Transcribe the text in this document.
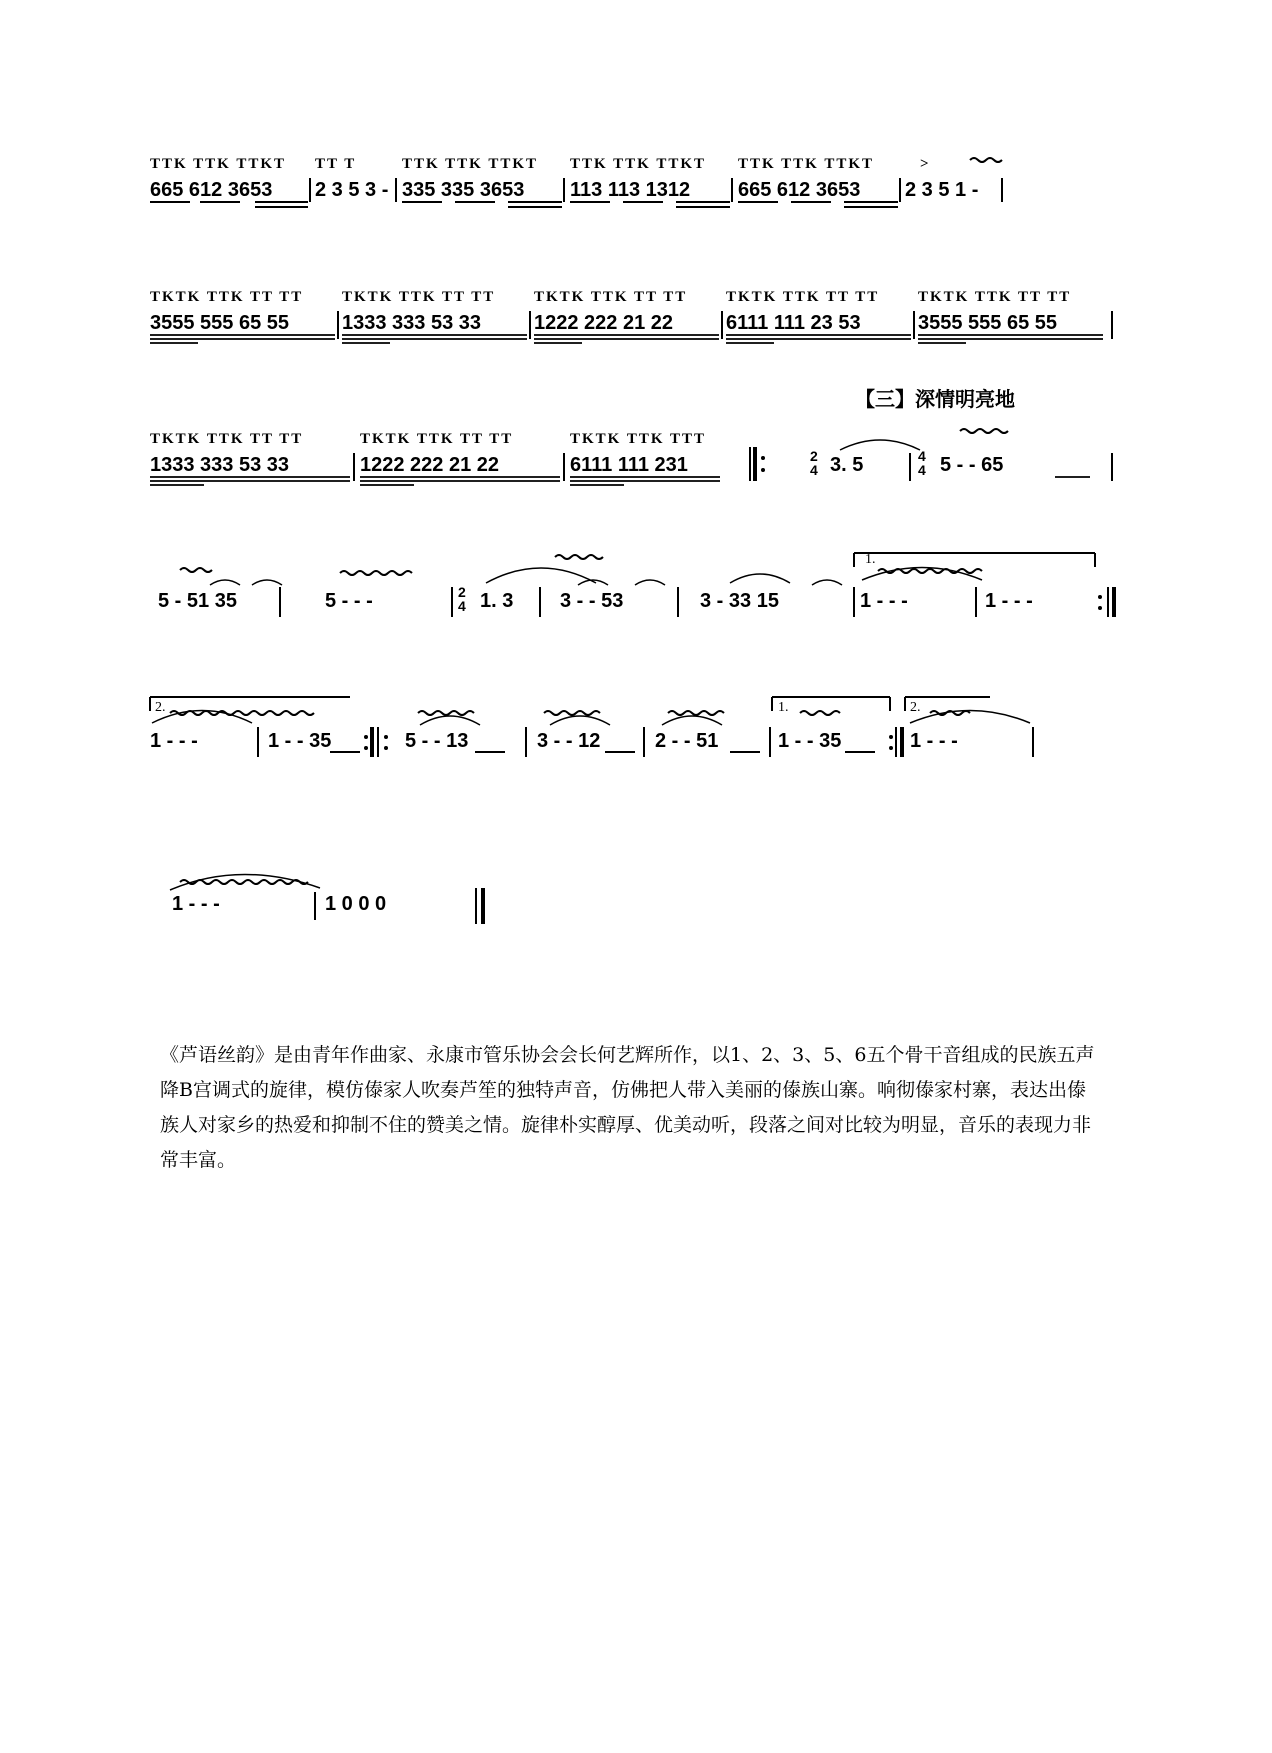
TTK TTK TTKT TT T	TTK TTK TTKT TTK TTK TTKT TTK TTK TTKT	>
665 612 3653 2 3 5 3 - 335 335 3653 113 113 1312 665 612 3653 2 3 5 1 -
TKTK TTK TT TT	TKTK TTK TT TT	TKTK TTK TT TT	TKTK TTK TT TT	TKTK TTK TT TT
3555 555 65 55	1333 333 53 33	1222 222 21 22	6111 111 23 53	3555 555 65 55
【三】深情明亮地
TKTK TTK TT TT	TKTK TTK TT TT	TKTK TTK TTT
1333 333 53 33	1222 222 21 22	6111 111 231	3. 5	5 - - 65
2
4
4
4
5 - 51 35	5 - - -	1. 3 3 - - 53	3 - 33 15	1 - - -	1 - - -
2
4
1.
1 - - -	1 - - 35	5 - - 13	3 - - 12	2 - - 51	1 - - 35	1 - - -
2.	1.	2.
1 - - -	1 0 0 0

《芦语丝韵》是由青年作曲家、永康市管乐协会会长何艺辉所作，以1、2、3、5、6五个骨干音组成的民族五声降B宫调式的旋律，模仿傣家人吹奏芦笙的独特声音，仿佛把人带入美丽的傣族山寨。响彻傣家村寨，表达出傣族人对家乡的热爱和抑制不住的赞美之情。旋律朴实醇厚、优美动听，段落之间对比较为明显，音乐的表现力非常丰富。
